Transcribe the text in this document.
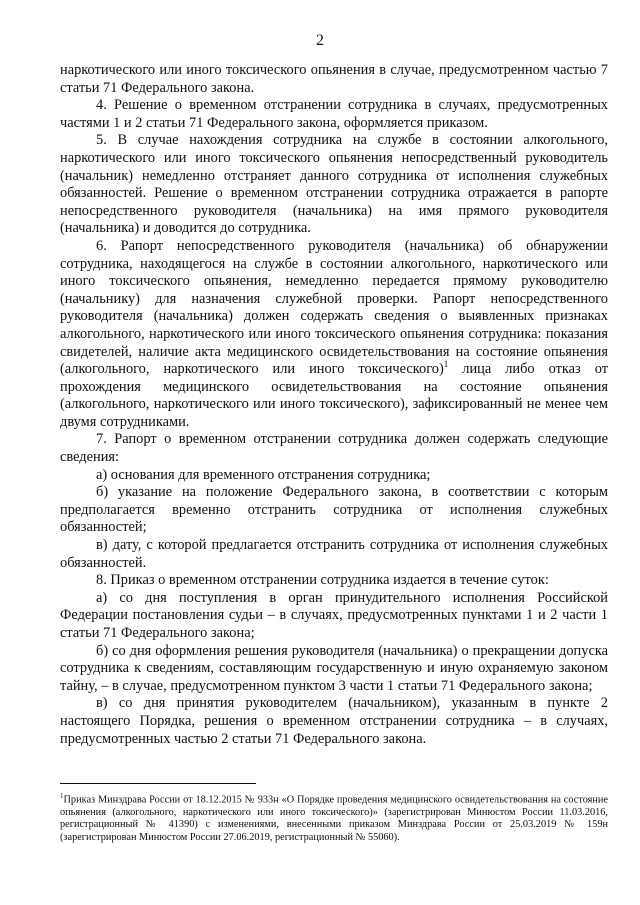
2

наркотического или иного токсического опьянения в случае, предусмотренном частью 7 статьи 71 Федерального закона.

4. Решение о временном отстранении сотрудника в случаях, предусмотренных частями 1 и 2 статьи 71 Федерального закона, оформляется приказом.

5. В случае нахождения сотрудника на службе в состоянии алкогольного, наркотического или иного токсического опьянения непосредственный руководитель (начальник) немедленно отстраняет данного сотрудника от исполнения служебных обязанностей. Решение о временном отстранении сотрудника отражается в рапорте непосредственного руководителя (начальника) на имя прямого руководителя (начальника) и доводится до сотрудника.

6. Рапорт непосредственного руководителя (начальника) об обнаружении сотрудника, находящегося на службе в состоянии алкогольного, наркотического или иного токсического опьянения, немедленно передается прямому руководителю (начальнику) для назначения служебной проверки. Рапорт непосредственного руководителя (начальника) должен содержать сведения о выявленных признаках алкогольного, наркотического или иного токсического опьянения сотрудника: показания свидетелей, наличие акта медицинского освидетельствования на состояние опьянения (алкогольного, наркотического или иного токсического)$^1$ лица либо отказ от прохождения медицинского освидетельствования на состояние опьянения (алкогольного, наркотического или иного токсического), зафиксированный не менее чем двумя сотрудниками.

7. Рапорт о временном отстранении сотрудника должен содержать следующие сведения:

а) основания для временного отстранения сотрудника;

б) указание на положение Федерального закона, в соответствии с которым предполагается временно отстранить сотрудника от исполнения служебных обязанностей;

в) дату, с которой предлагается отстранить сотрудника от исполнения служебных обязанностей.

8. Приказ о временном отстранении сотрудника издается в течение суток:

а) со дня поступления в орган принудительного исполнения Российской Федерации постановления судьи – в случаях, предусмотренных пунктами 1 и 2 части 1 статьи 71 Федерального закона;

б) со дня оформления решения руководителя (начальника) о прекращении допуска сотрудника к сведениям, составляющим государственную и иную охраняемую законом тайну, – в случае, предусмотренном пунктом 3 части 1 статьи 71 Федерального закона;

в) со дня принятия руководителем (начальником), указанным в пункте 2 настоящего Порядка, решения о временном отстранении сотрудника – в случаях, предусмотренных частью 2 статьи 71 Федерального закона.

$^1$Приказ Минздрава России от 18.12.2015 № 933н «О Порядке проведения медицинского освидетельствования на состояние опьянения (алкогольного, наркотического или иного токсического)» (зарегистрирован Минюстом России 11.03.2016, регистрационный № 41390) с изменениями, внесенными приказом Минздрава России от 25.03.2019 № 159н (зарегистрирован Минюстом России 27.06.2019, регистрационный № 55060).
